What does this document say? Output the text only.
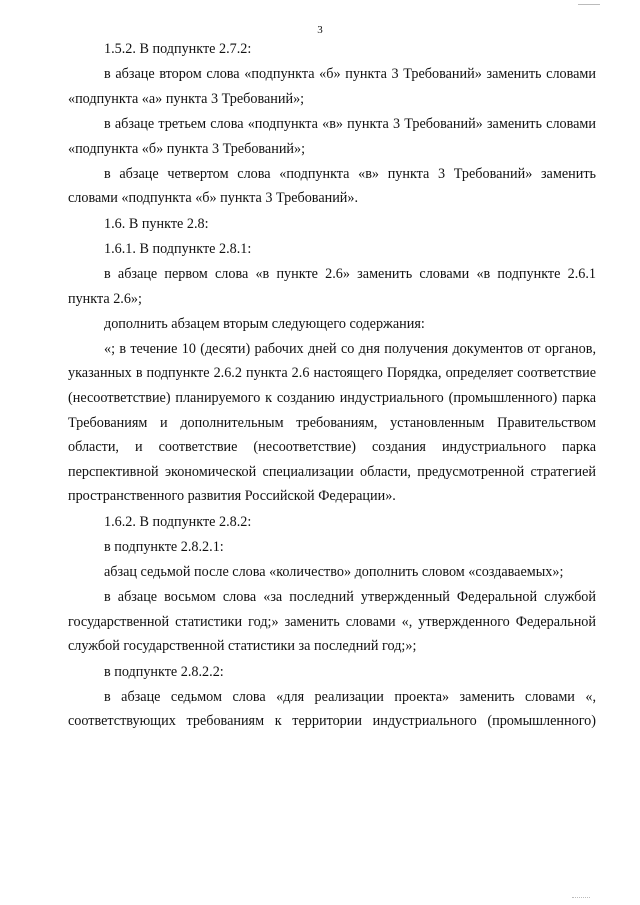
3

1.5.2. В подпункте 2.7.2:

в абзаце втором слова «подпункта «б» пункта 3 Требований» заменить словами «подпункта «а» пункта 3 Требований»;

в абзаце третьем слова «подпункта «в» пункта 3 Требований» заменить словами «подпункта «б» пункта 3 Требований»;

в абзаце четвертом слова «подпункта «в» пункта 3 Требований» заменить словами «подпункта «б» пункта 3 Требований».

1.6. В пункте 2.8:

1.6.1. В подпункте 2.8.1:

в абзаце первом слова «в пункте 2.6» заменить словами «в подпункте 2.6.1 пункта 2.6»;

дополнить абзацем вторым следующего содержания:

«; в течение 10 (десяти) рабочих дней со дня получения документов от органов, указанных в подпункте 2.6.2 пункта 2.6 настоящего Порядка, определяет соответствие (несоответствие) планируемого к созданию индустриального (промышленного) парка Требованиям и дополнительным требованиям, установленным Правительством области, и соответствие (несоответствие) создания индустриального парка перспективной экономической специализации области, предусмотренной стратегией пространственного развития Российской Федерации».

1.6.2. В подпункте 2.8.2:

в подпункте 2.8.2.1:

абзац седьмой после слова «количество» дополнить словом «создаваемых»;

в абзаце восьмом слова «за последний утвержденный Федеральной службой государственной статистики год;» заменить словами «, утвержденного Федеральной службой государственной статистики за последний год;»;

в подпункте 2.8.2.2:

в абзаце седьмом слова «для реализации проекта» заменить словами «, соответствующих требованиям к территории индустриального (промышленного)
